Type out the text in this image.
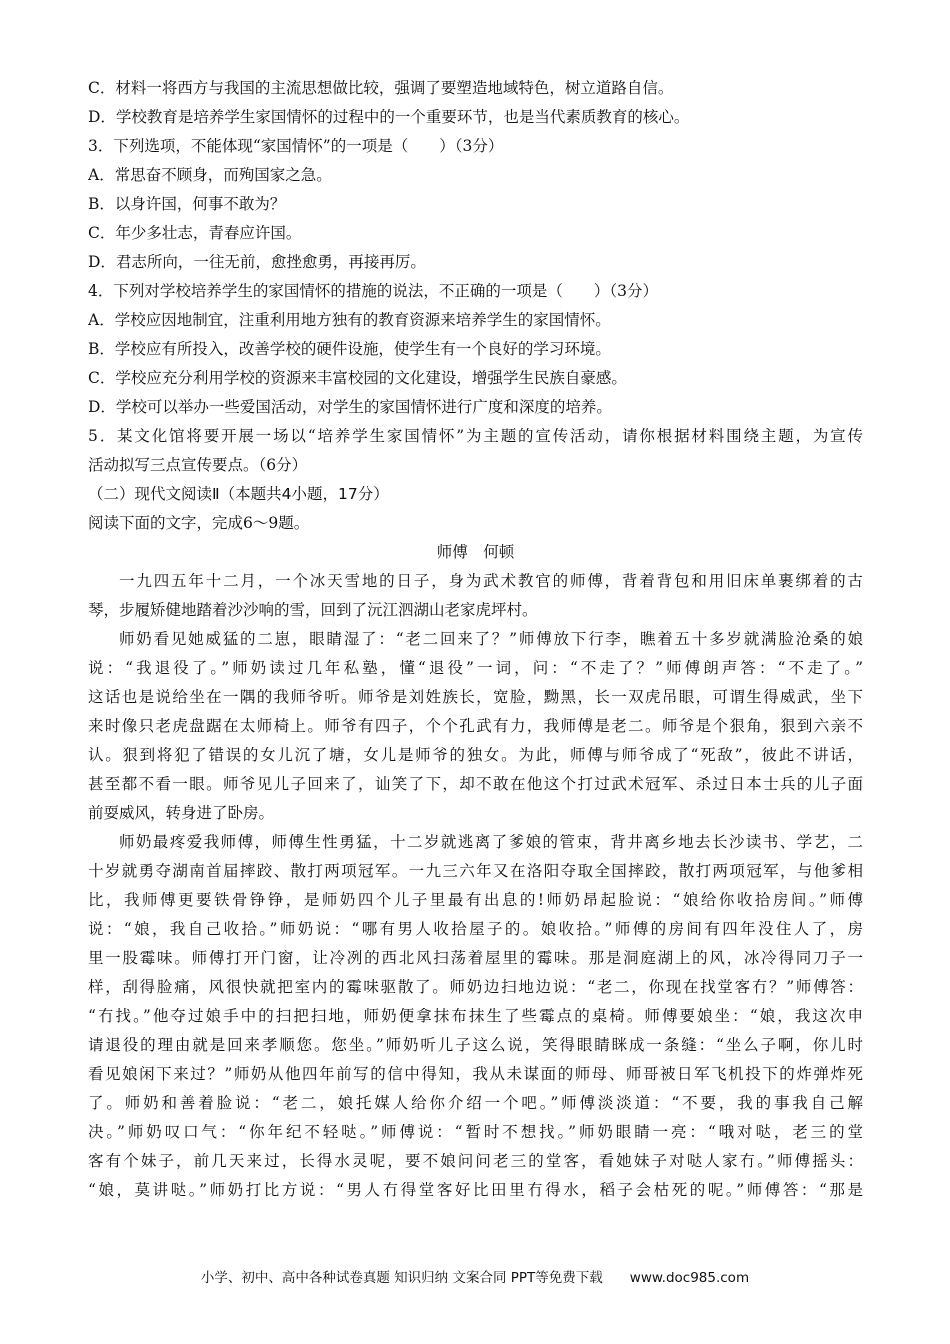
C．材料一将西方与我国的主流思想做比较，强调了要塑造地域特色，树立道路自信。
D．学校教育是培养学生家国情怀的过程中的一个重要环节，也是当代素质教育的核心。
3．下列选项，不能体现“家国情怀”的一项是（　　）（3分）
A．常思奋不顾身，而殉国家之急。
B．以身许国，何事不敢为？
C．年少多壮志，青春应许国。
D．君志所向，一往无前，愈挫愈勇，再接再厉。
4．下列对学校培养学生的家国情怀的措施的说法，不正确的一项是（　　）（3分）
A．学校应因地制宜，注重利用地方独有的教育资源来培养学生的家国情怀。
B．学校应有所投入，改善学校的硬件设施，使学生有一个良好的学习环境。
C．学校应充分利用学校的资源来丰富校园的文化建设，增强学生民族自豪感。
D．学校可以举办一些爱国活动，对学生的家国情怀进行广度和深度的培养。
5．某文化馆将要开展一场以“培养学生家国情怀”为主题的宣传活动，请你根据材料围绕主题，为宣传
活动拟写三点宣传要点。（6分）
（二）现代文阅读Ⅱ（本题共4小题，17分）
阅读下面的文字，完成6～9题。
师傅　何顿
一九四五年十二月，一个冰天雪地的日子，身为武术教官的师傅，背着背包和用旧床单裹绑着的古
琴，步履矫健地踏着沙沙响的雪，回到了沅江泗湖山老家虎坪村。
师奶看见她威猛的二崽，眼睛湿了：“老二回来了？”师傅放下行李，瞧着五十多岁就满脸沧桑的娘
说：“我退役了。”师奶读过几年私塾，懂“退役”一词，问：“不走了？”师傅朗声答：“不走了。”
这话也是说给坐在一隅的我师爷听。师爷是刘姓族长，宽脸，黝黑，长一双虎吊眼，可谓生得威武，坐下
来时像只老虎盘踞在太师椅上。师爷有四子，个个孔武有力，我师傅是老二。师爷是个狠角，狠到六亲不
认。狠到将犯了错误的女儿沉了塘，女儿是师爷的独女。为此，师傅与师爷成了“死敌”，彼此不讲话，
甚至都不看一眼。师爷见儿子回来了，讪笑了下，却不敢在他这个打过武术冠军、杀过日本士兵的儿子面
前耍威风，转身进了卧房。
师奶最疼爱我师傅，师傅生性勇猛，十二岁就逃离了爹娘的管束，背井离乡地去长沙读书、学艺，二
十岁就勇夺湖南首届摔跤、散打两项冠军。一九三六年又在洛阳夺取全国摔跤，散打两项冠军，与他爹相
比，我师傅更要铁骨铮铮，是师奶四个儿子里最有出息的!师奶昂起脸说：“娘给你收拾房间。”师傅
说：“娘，我自己收拾。”师奶说：“哪有男人收拾屋子的。娘收拾。”师傅的房间有四年没住人了，房
里一股霉味。师傅打开门窗，让冷冽的西北风扫荡着屋里的霉味。那是洞庭湖上的风，冰冷得同刀子一
样，刮得脸痛，风很快就把室内的霉味驱散了。师奶边扫地边说：“老二，你现在找堂客冇？”师傅答：
“冇找。”他夺过娘手中的扫把扫地，师奶便拿抹布抹生了些霉点的桌椅。师傅要娘坐：“娘，我这次申
请退役的理由就是回来孝顺您。您坐。”师奶听儿子这么说，笑得眼睛眯成一条缝：“坐么子啊，你儿时
看见娘闲下来过？”师奶从他四年前写的信中得知，我从未谋面的师母、师哥被日军飞机投下的炸弹炸死
了。师奶和善着脸说：“老二，娘托媒人给你介绍一个吧。”师傅淡淡道：“不要，我的事我自己解
决。”师奶叹口气：“你年纪不轻哒。”师傅说：“暂时不想找。”师奶眼睛一亮：“哦对哒，老三的堂
客有个妹子，前几天来过，长得水灵呢，要不娘问问老三的堂客，看她妹子对哒人家冇。”师傅摇头：
“娘，莫讲哒。”师奶打比方说：“男人冇得堂客好比田里冇得水，稻子会枯死的呢。”师傅答：“那是
小学、初中、高中各种试卷真题 知识归纳 文案合同 PPT等免费下载　　www.doc985.com
